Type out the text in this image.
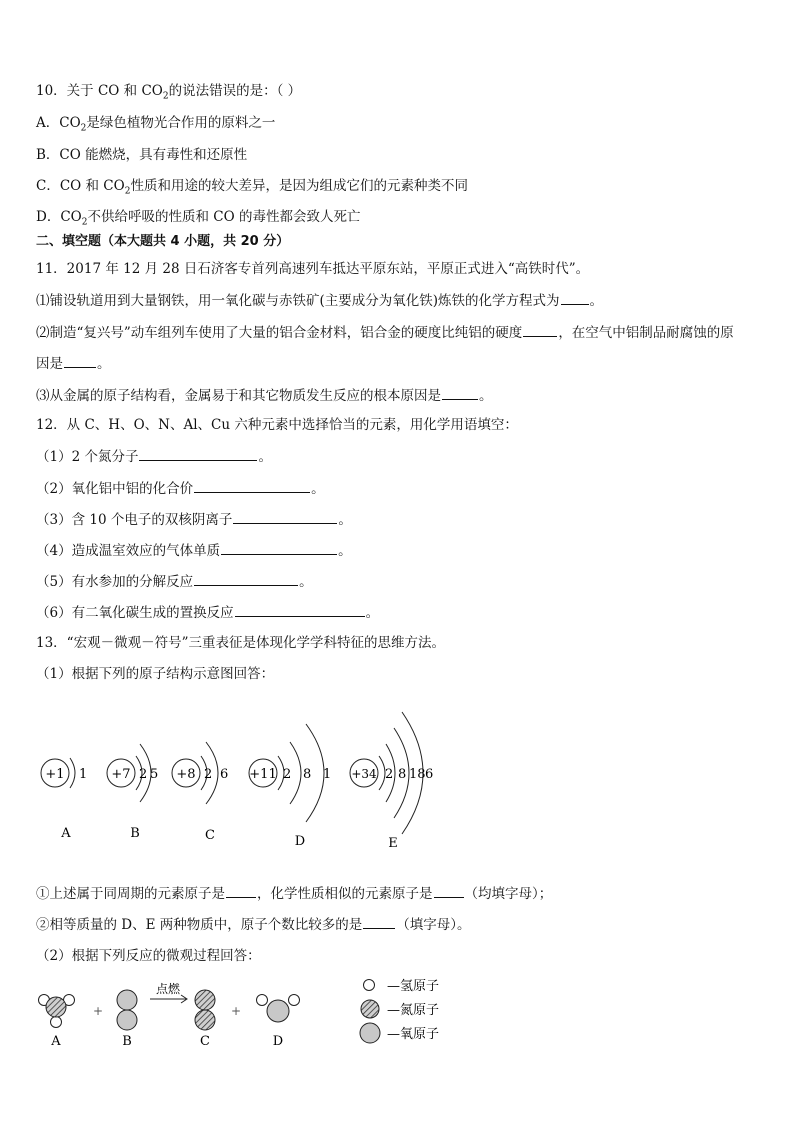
10．关于 CO 和 $CO_2$的说法错误的是：（ ）
A．$CO_2$是绿色植物光合作用的原料之一
B．CO 能燃烧，具有毒性和还原性
C．CO 和 $CO_2$性质和用途的较大差异，是因为组成它们的元素种类不同
D．$CO_2$不供给呼吸的性质和 CO 的毒性都会致人死亡
二、填空题（本大题共 4 小题，共 20 分）
11．2017 年 12 月 28 日石济客专首列高速列车抵达平原东站，平原正式进入“高铁时代”。
⑴铺设轨道用到大量钢铁，用一氧化碳与赤铁矿(主要成分为氧化铁)炼铁的化学方程式为 。
⑵制造“复兴号”动车组列车使用了大量的铝合金材料，铝合金的硬度比纯铝的硬度	，在空气中铝制品耐腐蚀的原
因是	。
⑶从金属的原子结构看，金属易于和其它物质发生反应的根本原因是	。
12．从 C、H、O、N、Al、Cu 六种元素中选择恰当的元素，用化学用语填空：
（1）2 个氮分子	。
（2）氧化铝中铝的化合价	。
（3）含 10 个电子的双核阴离子	。
（4）造成温室效应的气体单质	。
（5）有水参加的分解反应	。
（6）有二氧化碳生成的置换反应	。
13．“宏观－微观－符号”三重表征是体现化学学科特征的思维方法。
（1）根据下列的原子结构示意图回答：
+1 1
A
+7 2 5
B
+8 2 6
C
+11 2 8 1
D
+34 2 8 18 6
E
①上述属于同周期的元素原子是 ，化学性质相似的元素原子是 （均填字母）；
②相等质量的 D、E 两种物质中，原子个数比较多的是	（填字母）。
（2）根据下列反应的微观过程回答：
A
+
B
点燃
C
+
D
—氢原子
—氮原子
—氧原子
